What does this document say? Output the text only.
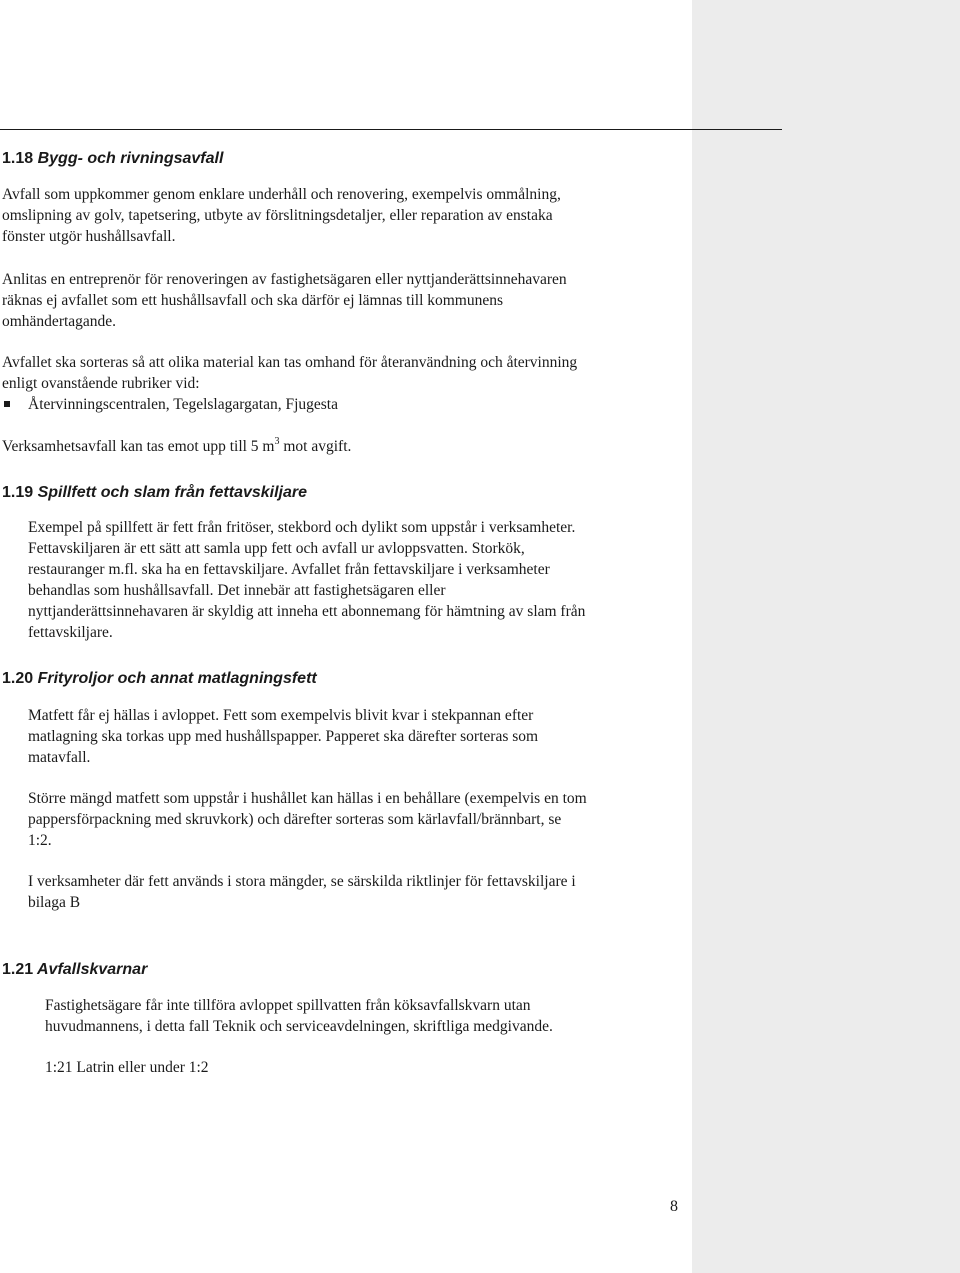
1.18 Bygg- och rivningsavfall

Avfall som uppkommer genom enklare underhåll och renovering, exempelvis ommålning,
omslipning av golv, tapetsering, utbyte av förslitningsdetaljer, eller reparation av enstaka
fönster utgör hushållsavfall.

Anlitas en entreprenör för renoveringen av fastighetsägaren eller nyttjanderättsinnehavaren
räknas ej avfallet som ett hushållsavfall och ska därför ej lämnas till kommunens
omhändertagande.

Avfallet ska sorteras så att olika material kan tas omhand för återanvändning och återvinning
enligt ovanstående rubriker vid:

Återvinningscentralen, Tegelslagargatan, Fjugesta

Verksamhetsavfall kan tas emot upp till 5 $m^3$ mot avgift.

1.19 Spillfett och slam från fettavskiljare

Exempel på spillfett är fett från fritöser, stekbord och dylikt som uppstår i verksamheter.
Fettavskiljaren är ett sätt att samla upp fett och avfall ur avloppsvatten. Storkök,
restauranger m.fl. ska ha en fettavskiljare. Avfallet från fettavskiljare i verksamheter
behandlas som hushållsavfall. Det innebär att fastighetsägaren eller
nyttjanderättsinnehavaren är skyldig att inneha ett abonnemang för hämtning av slam från
fettavskiljare.

1.20 Frityroljor och annat matlagningsfett

Matfett får ej hällas i avloppet. Fett som exempelvis blivit kvar i stekpannan efter
matlagning ska torkas upp med hushållspapper. Papperet ska därefter sorteras som
matavfall.

Större mängd matfett som uppstår i hushållet kan hällas i en behållare (exempelvis en tom
pappersförpackning med skruvkork) och därefter sorteras som kärlavfall/brännbart, se
1:2.

I verksamheter där fett används i stora mängder, se särskilda riktlinjer för fettavskiljare i
bilaga B

1.21 Avfallskvarnar

Fastighetsägare får inte tillföra avloppet spillvatten från köksavfallskvarn utan
huvudmannens, i detta fall Teknik och serviceavdelningen, skriftliga medgivande.

1:21 Latrin eller under 1:2

8
